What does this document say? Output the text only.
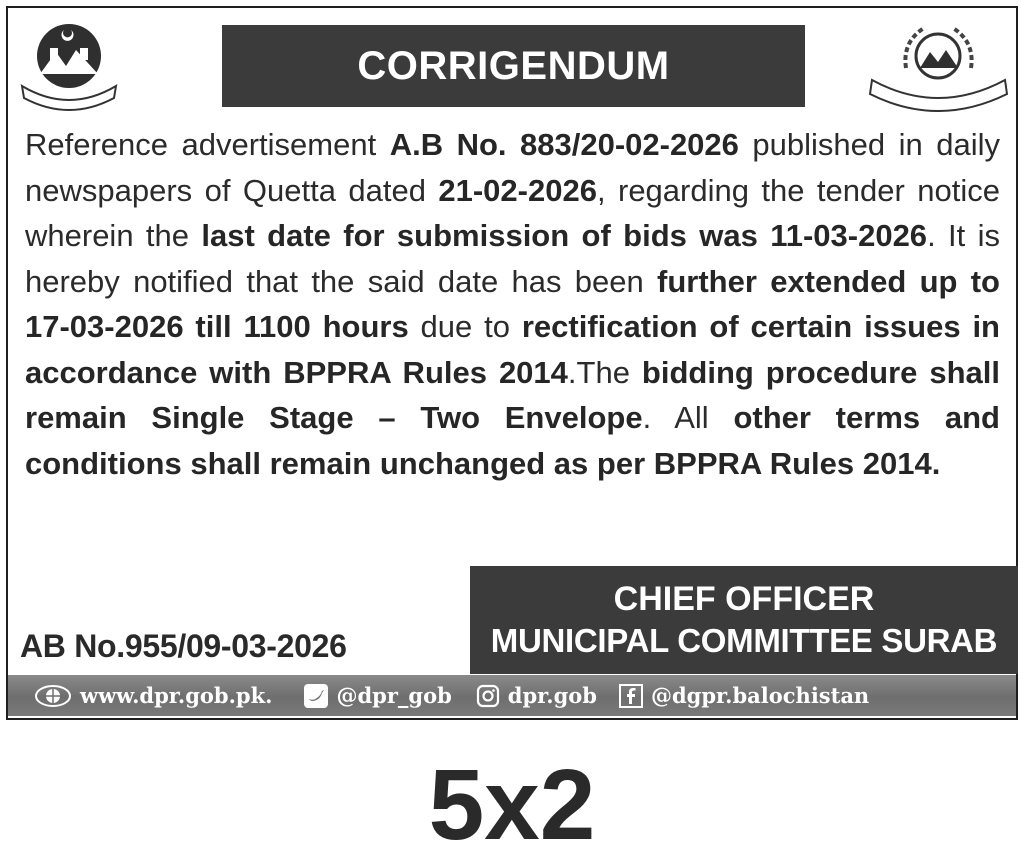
CORRIGENDUM
Reference advertisement A.B No. 883/20-02-2026 published in daily newspapers of Quetta dated 21-02-2026, regarding the tender notice wherein the last date for submission of bids was 11-03-2026. It is hereby notified that the said date has been further extended up to 17-03-2026 till 1100 hours due to rectification of certain issues in accordance with BPPRA Rules 2014.The bidding procedure shall remain Single Stage – Two Envelope. All other terms and conditions shall remain unchanged as per BPPRA Rules 2014.
AB No.955/09-03-2026
CHIEF OFFICER
MUNICIPAL COMMITTEE SURAB
www.dpr.gob.pk.	@dpr_gob	dpr.gob	@dgpr.balochistan
5x2
